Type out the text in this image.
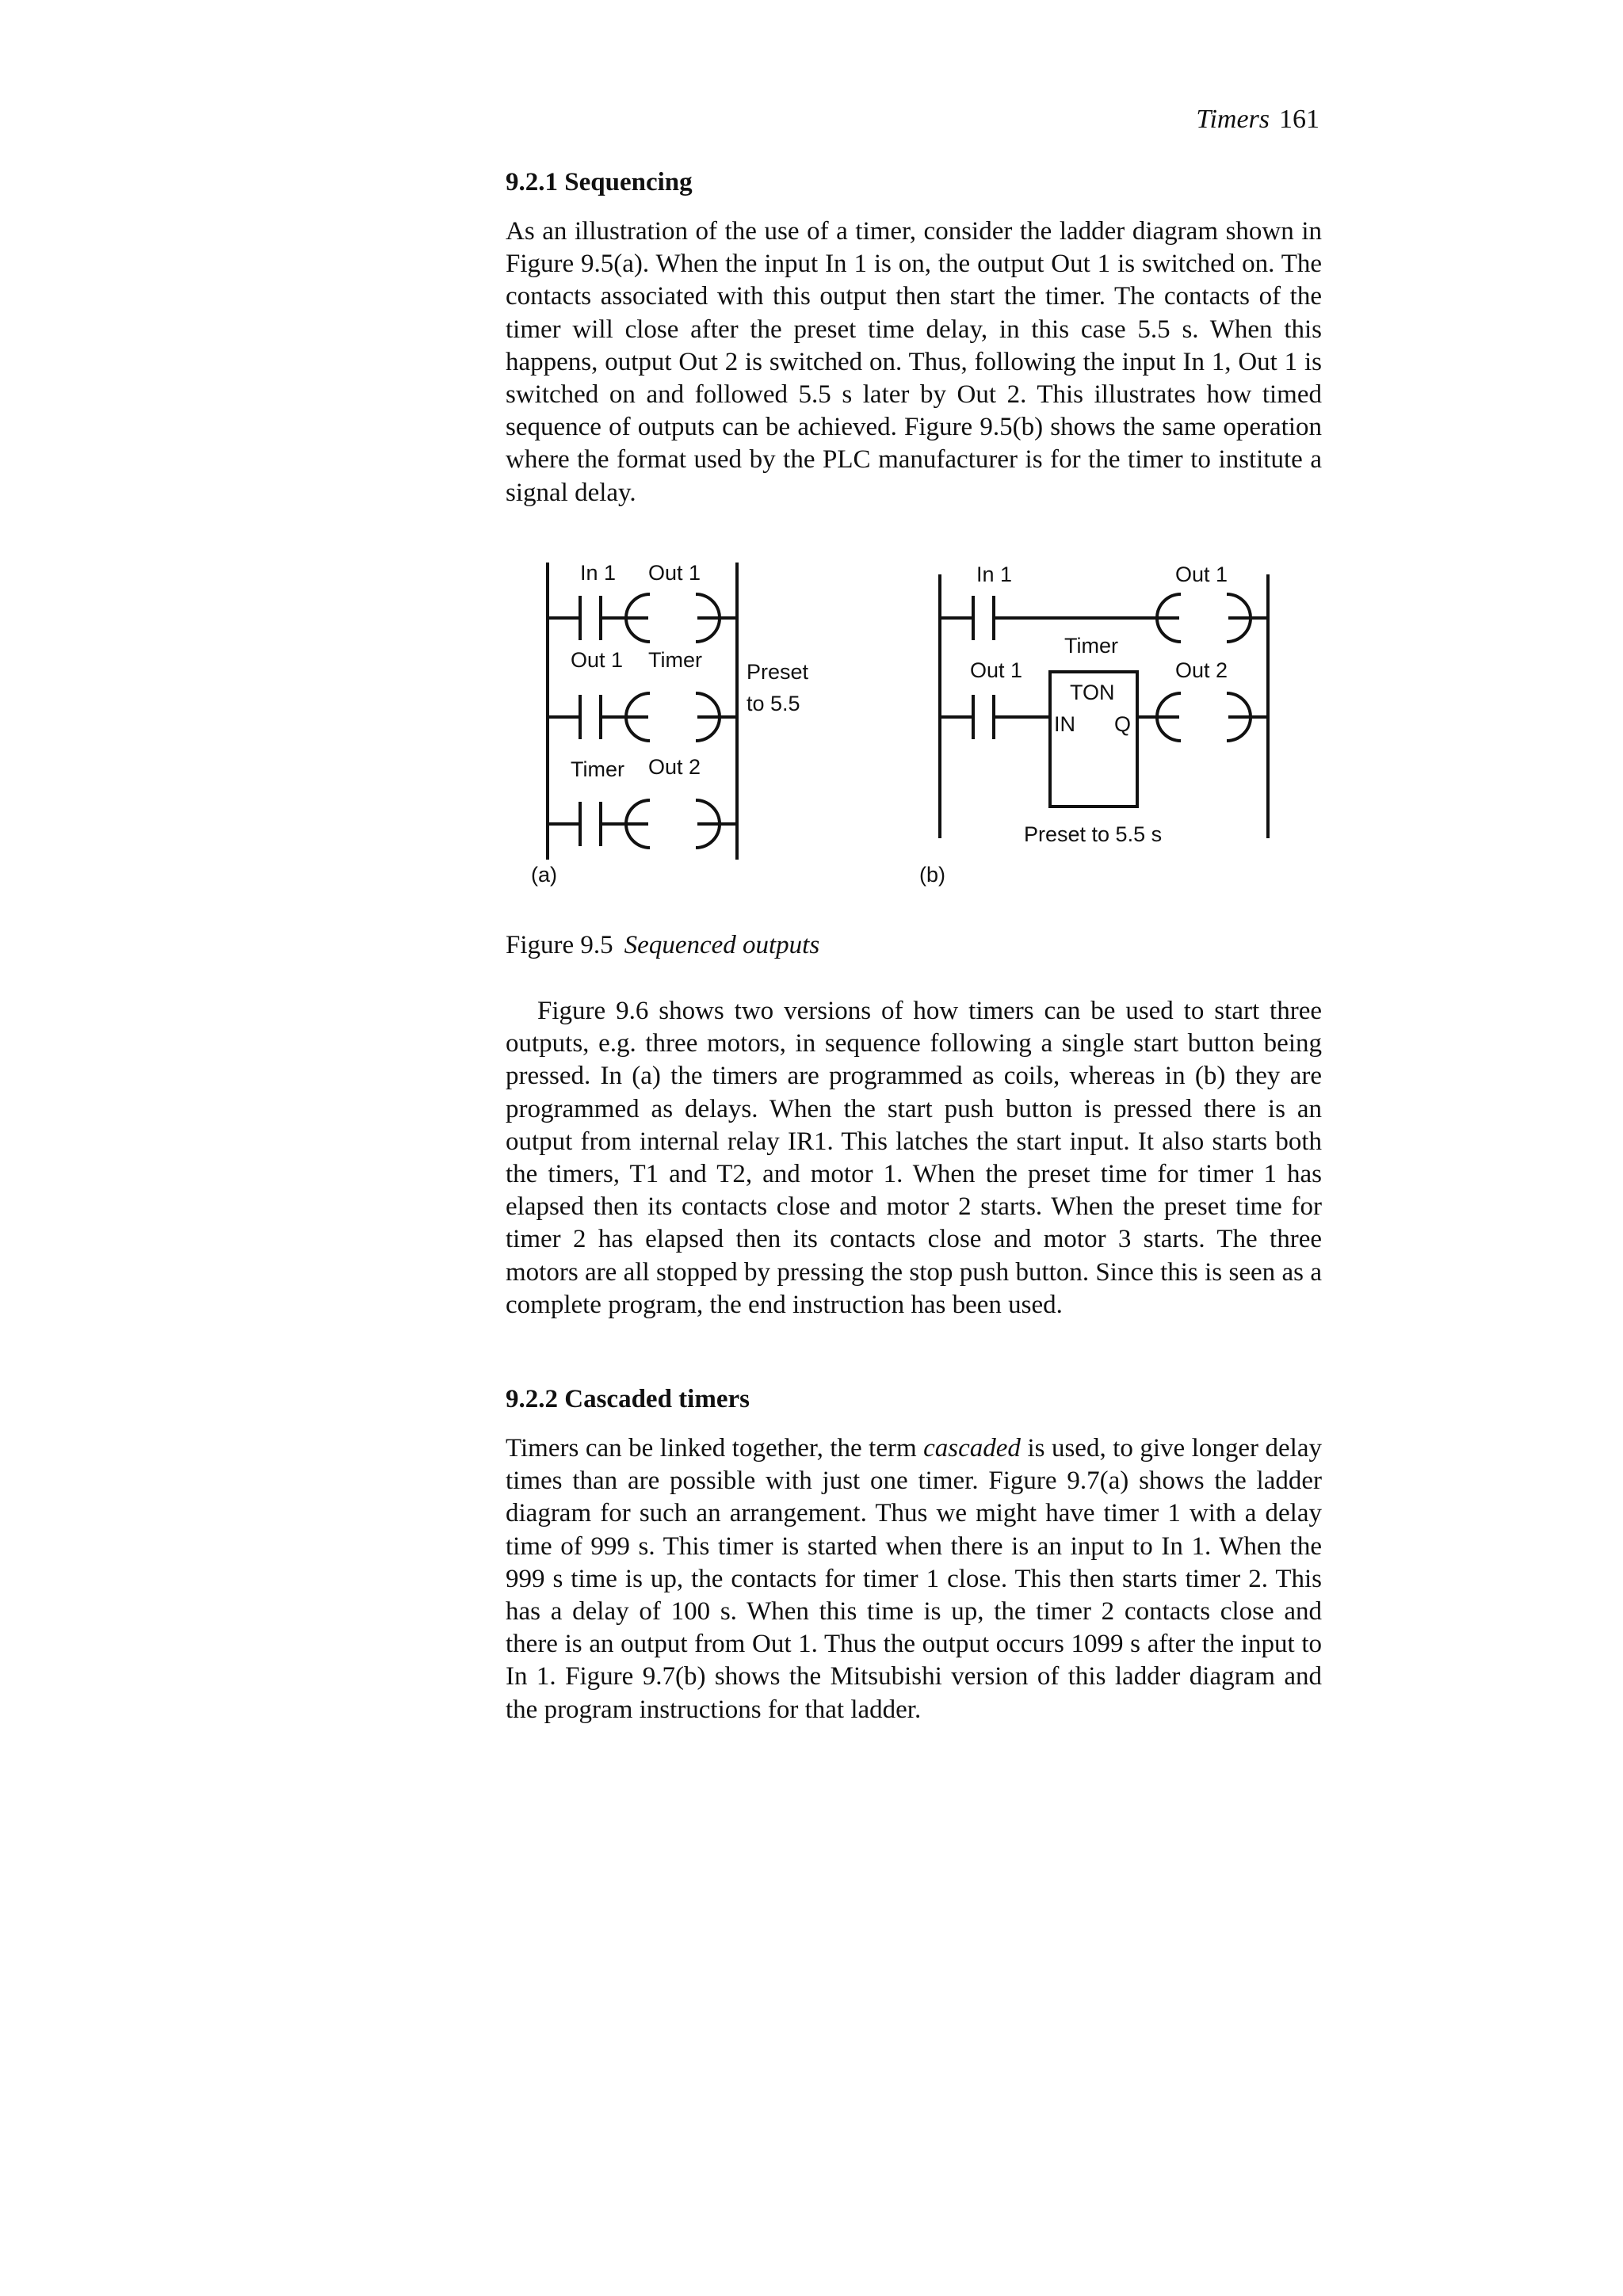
Timers 161
9.2.1 Sequencing

As an illustration of the use of a timer, consider the ladder diagram shown in Figure 9.5(a). When the input In 1 is on, the output Out 1 is switched on. The contacts associated with this output then start the timer. The contacts of the timer will close after the preset time delay, in this case 5.5 s. When this happens, output Out 2 is switched on. Thus, following the input In 1, Out 1 is switched on and followed 5.5 s later by Out 2. This illustrates how timed sequence of outputs can be achieved. Figure 9.5(b) shows the same operation where the format used by the PLC manufacturer is for the timer to institute a signal delay.

In 1 Out 1
Out 1 Timer Preset
to 5.5
Timer Out 2
(a)
In 1	Out 1
Out 1
Timer
TON
IN Q
Out 2
Preset to 5.5 s
(b)
Figure 9.5 Sequenced outputs

Figure 9.6 shows two versions of how timers can be used to start three outputs, e.g. three motors, in sequence following a single start button being pressed. In (a) the timers are programmed as coils, whereas in (b) they are programmed as delays. When the start push button is pressed there is an output from internal relay IR1. This latches the start input. It also starts both the timers, T1 and T2, and motor 1. When the preset time for timer 1 has elapsed then its contacts close and motor 2 starts. When the preset time for timer 2 has elapsed then its contacts close and motor 3 starts. The three motors are all stopped by pressing the stop push button. Since this is seen as a complete program, the end instruction has been used.

9.2.2 Cascaded timers

Timers can be linked together, the term cascaded is used, to give longer delay times than are possible with just one timer. Figure 9.7(a) shows the ladder diagram for such an arrangement. Thus we might have timer 1 with a delay time of 999 s. This timer is started when there is an input to In 1. When the 999 s time is up, the contacts for timer 1 close. This then starts timer 2. This has a delay of 100 s. When this time is up, the timer 2 contacts close and there is an output from Out 1. Thus the output occurs 1099 s after the input to In 1. Figure 9.7(b) shows the Mitsubishi version of this ladder diagram and the program instructions for that ladder.
